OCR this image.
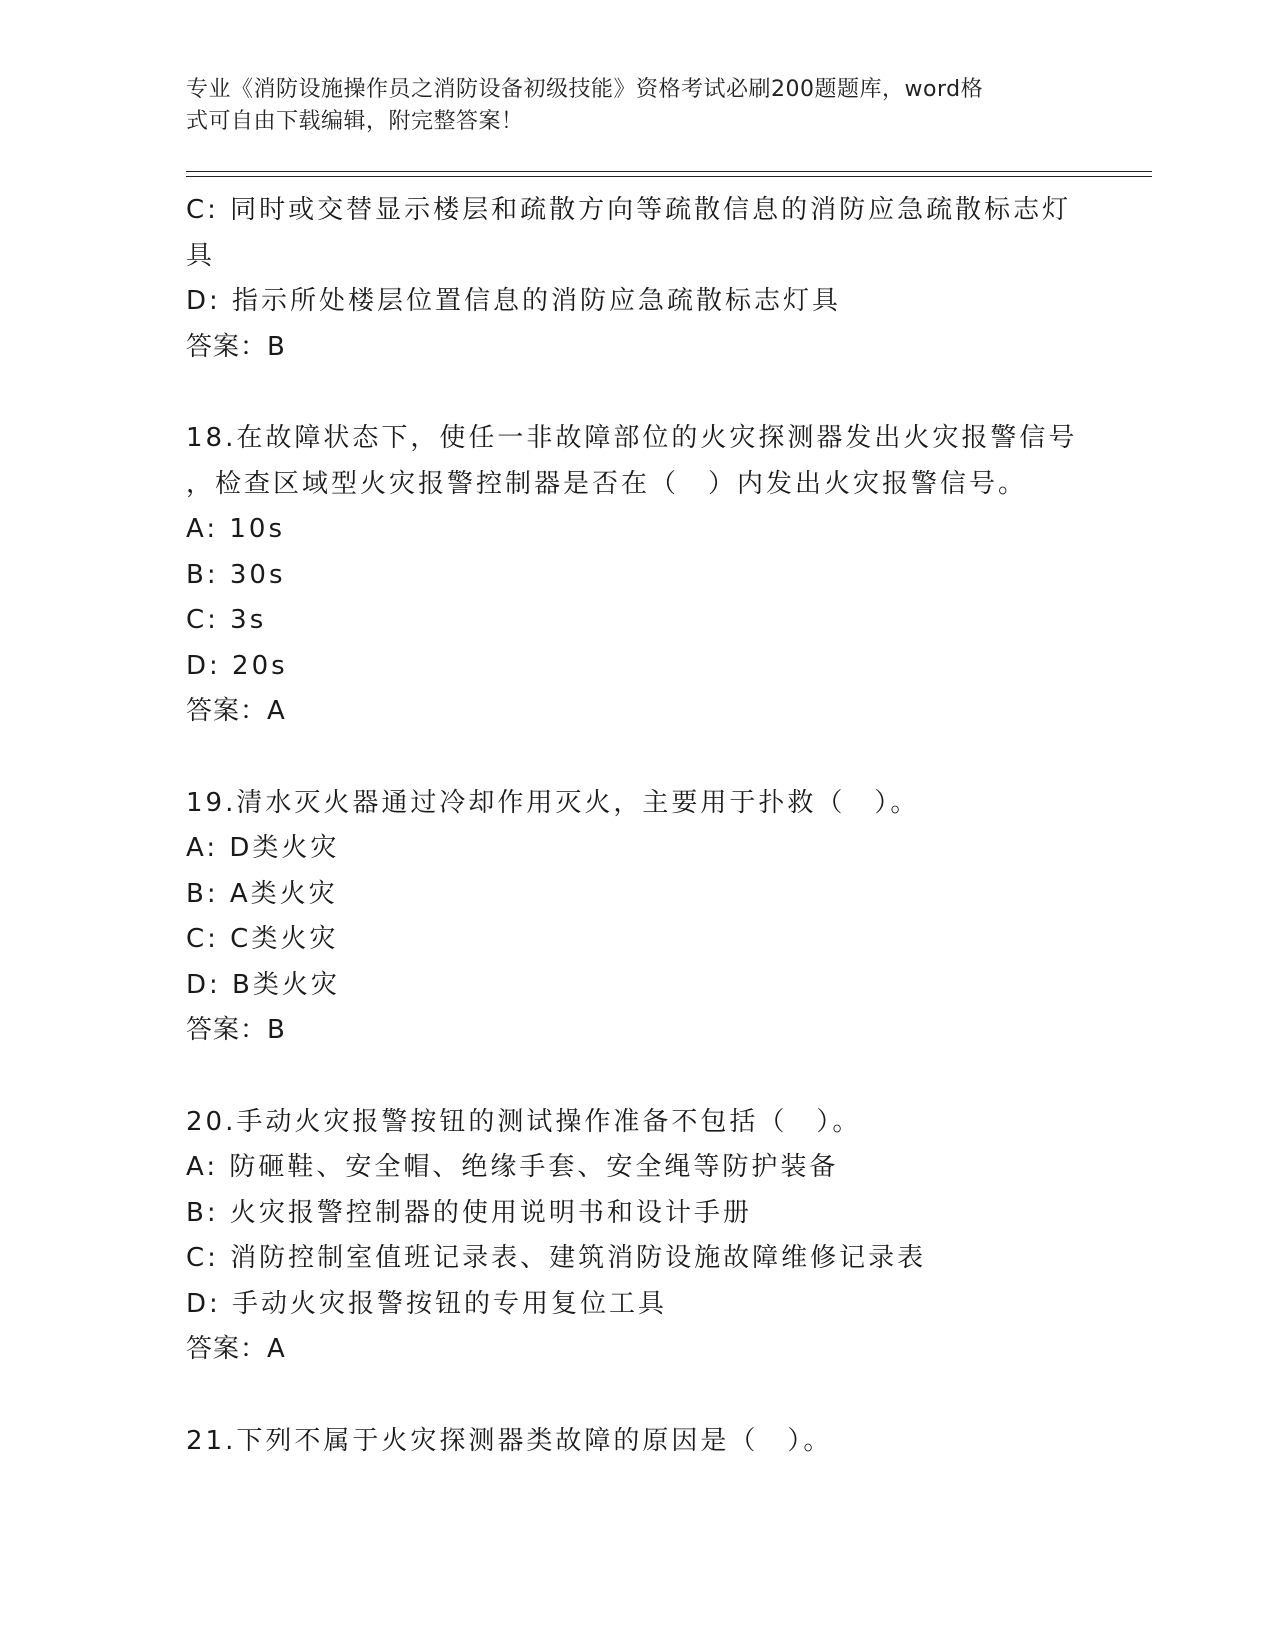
专业《消防设施操作员之消防设备初级技能》资格考试必刷200题题库，word格
式可自由下载编辑，附完整答案！

C: 同时或交替显示楼层和疏散方向等疏散信息的消防应急疏散标志灯

具

D: 指示所处楼层位置信息的消防应急疏散标志灯具

答案：B

18.在故障状态下，使任一非故障部位的火灾探测器发出火灾报警信号

，检查区域型火灾报警控制器是否在（　）内发出火灾报警信号。

A: 10s

B: 30s

C: 3s

D: 20s

答案：A

19.清水灭火器通过冷却作用灭火，主要用于扑救（　）。

A: D类火灾

B: A类火灾

C: C类火灾

D: B类火灾

答案：B

20.手动火灾报警按钮的测试操作准备不包括（　）。

A: 防砸鞋、安全帽、绝缘手套、安全绳等防护装备

B: 火灾报警控制器的使用说明书和设计手册

C: 消防控制室值班记录表、建筑消防设施故障维修记录表

D: 手动火灾报警按钮的专用复位工具

答案：A

21.下列不属于火灾探测器类故障的原因是（　）。
